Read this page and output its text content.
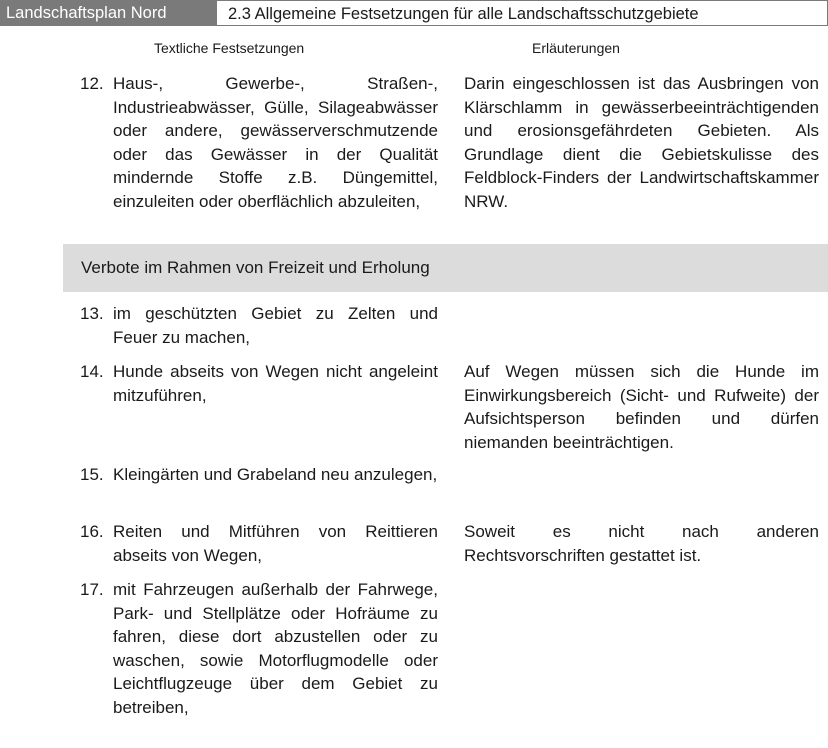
Landschaftsplan Nord	2.3 Allgemeine Festsetzungen für alle Landschaftsschutzgebiete
Textliche Festsetzungen	Erläuterungen
12. Haus-, Gewerbe-, Straßen-, Industrieabwässer, Gülle, Silageabwässer oder andere, gewässerverschmutzende oder das Gewässer in der Qualität mindernde Stoffe z.B. Düngemittel, einzuleiten oder oberflächlich abzuleiten,
Darin eingeschlossen ist das Ausbringen von Klärschlamm in gewässerbeeinträchtigenden und erosionsgefährdeten Gebieten. Als Grundlage dient die Gebietskulisse des Feldblock-Finders der Landwirtschaftskammer NRW.
Verbote im Rahmen von Freizeit und Erholung
13. im geschützten Gebiet zu Zelten und Feuer zu machen,
14. Hunde abseits von Wegen nicht angeleint mitzuführen,
Auf Wegen müssen sich die Hunde im Einwirkungsbereich (Sicht- und Rufweite) der Aufsichtsperson befinden und dürfen niemanden beeinträchtigen.
15. Kleingärten und Grabeland neu anzulegen,
16. Reiten und Mitführen von Reittieren abseits von Wegen,
Soweit es nicht nach anderen Rechtsvorschriften gestattet ist.
17. mit Fahrzeugen außerhalb der Fahrwege, Park- und Stellplätze oder Hofräume zu fahren, diese dort abzustellen oder zu waschen, sowie Motorflugmodelle oder Leichtflugzeuge über dem Gebiet zu betreiben,
